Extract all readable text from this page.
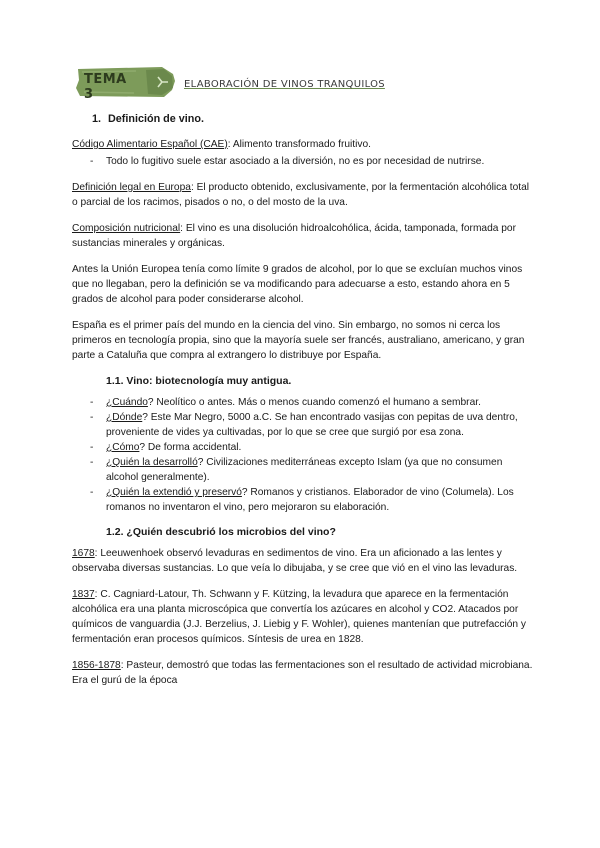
TEMA 3
ELABORACIÓN DE VINOS TRANQUILOS
1. Definición de vino.

Código Alimentario Español (CAE): Alimento transformado fruitivo.

- Todo lo fugitivo suele estar asociado a la diversión, no es por necesidad de nutrirse.

Definición legal en Europa: El producto obtenido, exclusivamente, por la fermentación alcohólica total o parcial de los racimos, pisados o no, o del mosto de la uva.

Composición nutricional: El vino es una disolución hidroalcohólica, ácida, tamponada, formada por sustancias minerales y orgánicas.

Antes la Unión Europea tenía como límite 9 grados de alcohol, por lo que se excluían muchos vinos que no llegaban, pero la definición se va modificando para adecuarse a esto, estando ahora en 5 grados de alcohol para poder considerarse alcohol.

España es el primer país del mundo en la ciencia del vino. Sin embargo, no somos ni cerca los primeros en tecnología propia, sino que la mayoría suele ser francés, australiano, americano, y gran parte a Cataluña que compra al extrangero lo distribuye por España.

1.1. Vino: biotecnología muy antigua.
- ¿Cuándo? Neolítico o antes. Más o menos cuando comenzó el humano a sembrar.
- ¿Dónde? Este Mar Negro, 5000 a.C. Se han encontrado vasijas con pepitas de uva dentro, proveniente de vides ya cultivadas, por lo que se cree que surgió por esa zona.
- ¿Cómo? De forma accidental.
- ¿Quién la desarrolló? Civilizaciones mediterráneas excepto Islam (ya que no consumen alcohol generalmente).
- ¿Quién la extendió y preservó? Romanos y cristianos. Elaborador de vino (Columela). Los romanos no inventaron el vino, pero mejoraron su elaboración.
1.2. ¿Quién descubrió los microbios del vino?

1678: Leeuwenhoek observó levaduras en sedimentos de vino. Era un aficionado a las lentes y observaba diversas sustancias. Lo que veía lo dibujaba, y se cree que vió en el vino las levaduras.

1837: C. Cagniard-Latour, Th. Schwann y F. Kützing, la levadura que aparece en la fermentación alcohólica era una planta microscópica que convertía los azúcares en alcohol y CO2. Atacados por químicos de vanguardia (J.J. Berzelius, J. Liebig y F. Wohler), quienes mantenían que putrefacción y fermentación eran procesos químicos. Síntesis de urea en 1828.

1856-1878: Pasteur, demostró que todas las fermentaciones son el resultado de actividad microbiana. Era el gurú de la época
